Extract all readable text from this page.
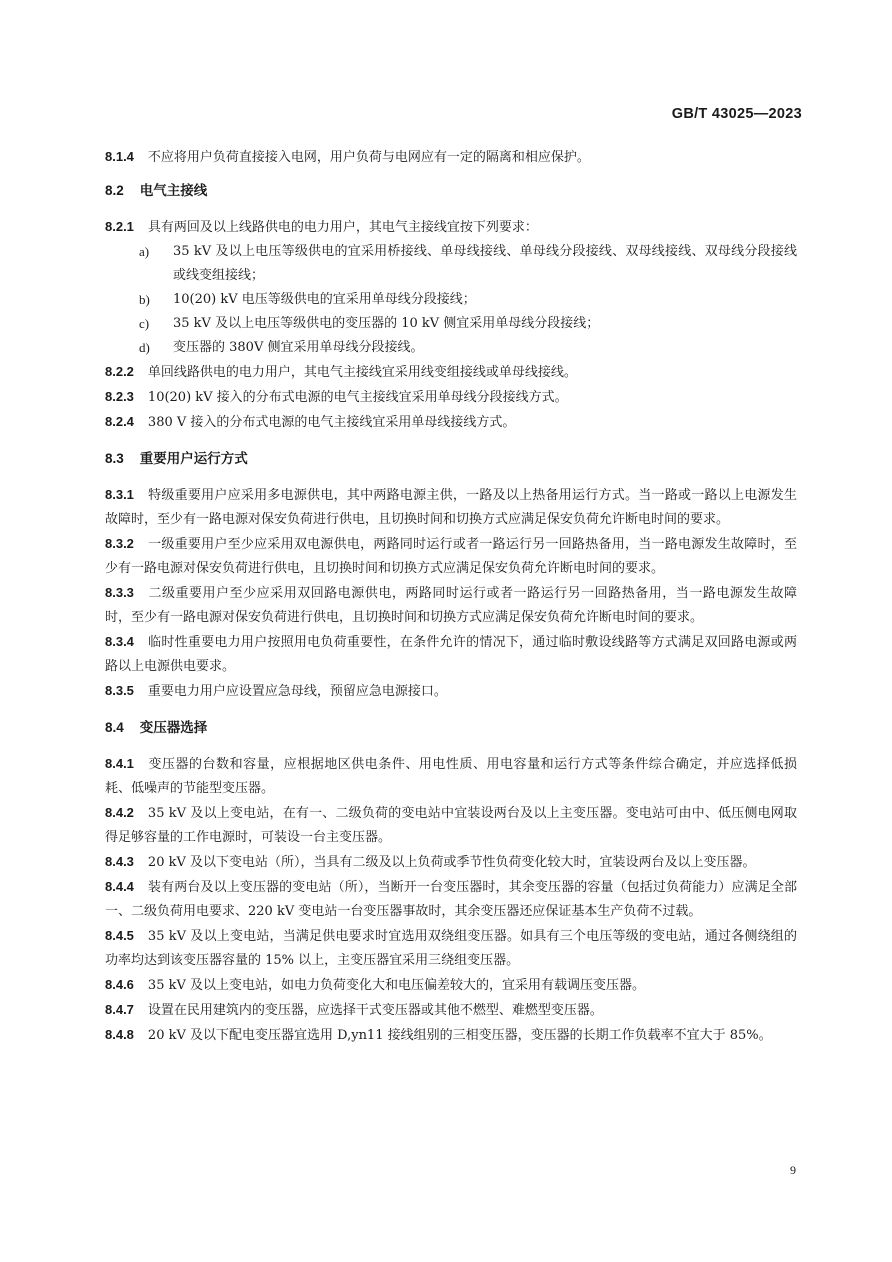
GB/T 43025—2023
8.1.4 不应将用户负荷直接接入电网，用户负荷与电网应有一定的隔离和相应保护。
8.2 电气主接线
8.2.1 具有两回及以上线路供电的电力用户，其电气主接线宜按下列要求：
a) 35 kV 及以上电压等级供电的宜采用桥接线、单母线接线、单母线分段接线、双母线接线、双母线分段接线或线变组接线；
b) 10(20) kV 电压等级供电的宜采用单母线分段接线；
c) 35 kV 及以上电压等级供电的变压器的 10 kV 侧宜采用单母线分段接线；
d) 变压器的 380V 侧宜采用单母线分段接线。
8.2.2 单回线路供电的电力用户，其电气主接线宜采用线变组接线或单母线接线。
8.2.3 10(20) kV 接入的分布式电源的电气主接线宜采用单母线分段接线方式。
8.2.4 380 V 接入的分布式电源的电气主接线宜采用单母线接线方式。
8.3 重要用户运行方式
8.3.1 特级重要用户应采用多电源供电，其中两路电源主供，一路及以上热备用运行方式。当一路或一路以上电源发生故障时，至少有一路电源对保安负荷进行供电，且切换时间和切换方式应满足保安负荷允许断电时间的要求。
8.3.2 一级重要用户至少应采用双电源供电，两路同时运行或者一路运行另一回路热备用，当一路电源发生故障时，至少有一路电源对保安负荷进行供电，且切换时间和切换方式应满足保安负荷允许断电时间的要求。
8.3.3 二级重要用户至少应采用双回路电源供电，两路同时运行或者一路运行另一回路热备用，当一路电源发生故障时，至少有一路电源对保安负荷进行供电，且切换时间和切换方式应满足保安负荷允许断电时间的要求。
8.3.4 临时性重要电力用户按照用电负荷重要性，在条件允许的情况下，通过临时敷设线路等方式满足双回路电源或两路以上电源供电要求。
8.3.5 重要电力用户应设置应急母线，预留应急电源接口。
8.4 变压器选择
8.4.1 变压器的台数和容量，应根据地区供电条件、用电性质、用电容量和运行方式等条件综合确定，并应选择低损耗、低噪声的节能型变压器。
8.4.2 35 kV 及以上变电站，在有一、二级负荷的变电站中宜装设两台及以上主变压器。变电站可由中、低压侧电网取得足够容量的工作电源时，可装设一台主变压器。
8.4.3 20 kV 及以下变电站（所），当具有二级及以上负荷或季节性负荷变化较大时，宜装设两台及以上变压器。
8.4.4 装有两台及以上变压器的变电站（所），当断开一台变压器时，其余变压器的容量（包括过负荷能力）应满足全部一、二级负荷用电要求、220 kV 变电站一台变压器事故时，其余变压器还应保证基本生产负荷不过载。
8.4.5 35 kV 及以上变电站，当满足供电要求时宜选用双绕组变压器。如具有三个电压等级的变电站，通过各侧绕组的功率均达到该变压器容量的 15% 以上，主变压器宜采用三绕组变压器。
8.4.6 35 kV 及以上变电站，如电力负荷变化大和电压偏差较大的，宜采用有载调压变压器。
8.4.7 设置在民用建筑内的变压器，应选择干式变压器或其他不燃型、难燃型变压器。
8.4.8 20 kV 及以下配电变压器宜选用 D,yn11 接线组别的三相变压器，变压器的长期工作负载率不宜大于 85%。
9
